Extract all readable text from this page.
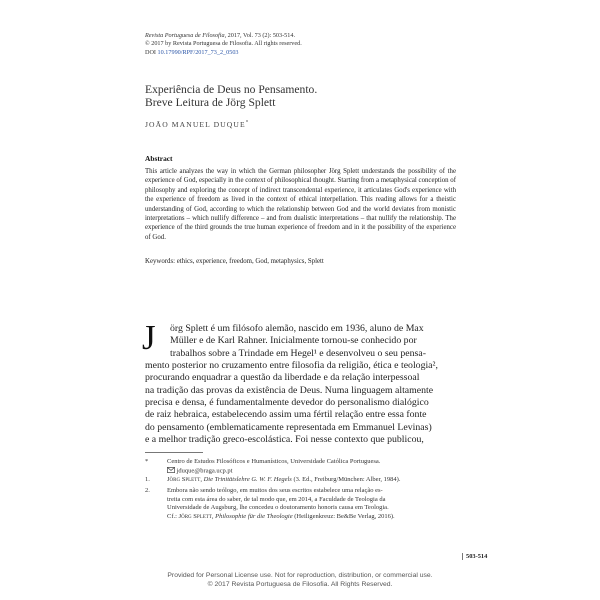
Revista Portuguesa de Filosofia, 2017, Vol. 73 (2): 503-514.
© 2017 by Revista Portuguesa de Filosofia. All rights reserved.
DOI 10.17990/RPF/2017_73_2_0503
Experiência de Deus no Pensamento.
Breve Leitura de Jörg Splett
JOÃO MANUEL DUQUE*
Abstract
This article analyzes the way in which the German philosopher Jörg Splett understands the possibility of the experience of God, especially in the context of philosophical thought. Starting from a metaphysical conception of philosophy and exploring the concept of indirect transcendental experience, it articulates God's experience with the experience of freedom as lived in the context of ethical interpellation. This reading allows for a theistic understanding of God, according to which the relationship between God and the world deviates from monistic interpretations – which nullify difference – and from dualistic interpretations – that nullify the relationship. The experience of the third grounds the true human experience of freedom and in it the possibility of the experience of God.
Keywords: ethics, experience, freedom, God, metaphysics, Splett
J örg Splett é um filósofo alemão, nascido em 1936, aluno de Max
Müller e de Karl Rahner. Inicialmente tornou-se conhecido por
trabalhos sobre a Trindade em Hegel¹ e desenvolveu o seu pensa-
mento posterior no cruzamento entre filosofia da religião, ética e teologia²,
procurando enquadrar a questão da liberdade e da relação interpessoal
na tradição das provas da existência de Deus. Numa linguagem altamente
precisa e densa, é fundamentalmente devedor do personalismo dialógico
de raiz hebraica, estabelecendo assim uma fértil relação entre essa fonte
do pensamento (emblematicamente representada em Emmanuel Levinas)
e a melhor tradição greco-escolástica. Foi nesse contexto que publicou,
*	Centro de Estudos Filosóficos e Humanísticos, Universidade Católica Portuguesa.
jduque@braga.ucp.pt
1.	Jörg Splett, Die Trinitätslehre G. W. F. Hegels (3. Ed., Freiburg/München: Alber, 1984).
2.	Embora não sendo teólogo, em muitos dos seus escritos estabelece uma relação es-
treita com esta área do saber, de tal modo que, em 2014, a Faculdade de Teologia da
Universidade de Augsburg, lhe concedeu o doutoramento honoris causa em Teologia.
Cf.: Jörg Splett, Philosophie für die Theologie (Heiligenkreuz: Be&Be Verlag, 2016).
503-514
Provided for Personal License use. Not for reproduction, distribution, or commercial use.
© 2017 Revista Portuguesa de Filosofia. All Rights Reserved.
